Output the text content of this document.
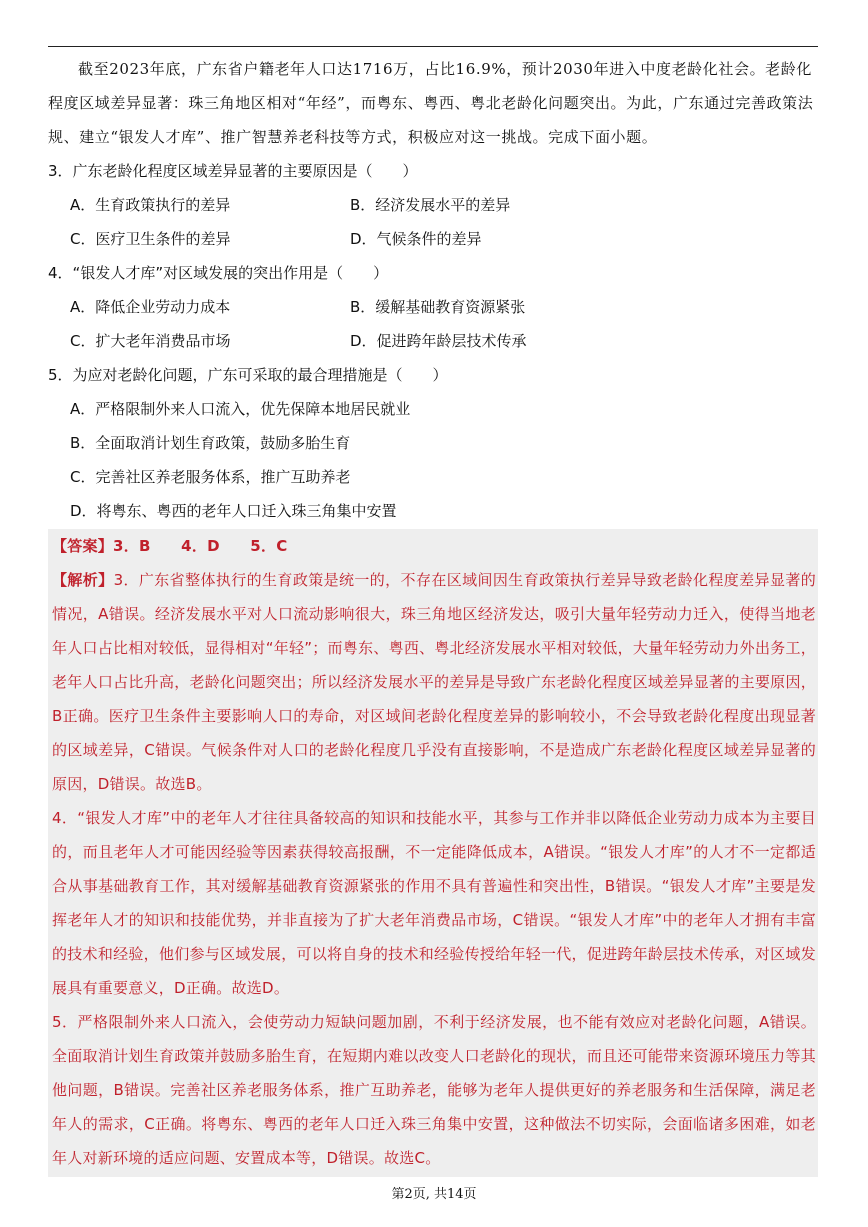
截至2023年底，广东省户籍老年人口达1716万，占比16.9%，预计2030年进入中度老龄化社会。老龄化程度区域差异显著：珠三角地区相对“年经”，而粤东、粤西、粤北老龄化问题突出。为此，广东通过完善政策法规、建立“银发人才库”、推广智慧养老科技等方式，积极应对这一挑战。完成下面小题。

3．广东老龄化程度区域差异显著的主要原因是（　　）

A．生育政策执行的差异	B．经济发展水平的差异
C．医疗卫生条件的差异	D．气候条件的差异

4．“银发人才库”对区域发展的突出作用是（　　）

A．降低企业劳动力成本	B．缓解基础教育资源紧张
C．扩大老年消费品市场	D．促进跨年龄层技术传承

5．为应对老龄化问题，广东可采取的最合理措施是（　　）

A．严格限制外来人口流入，优先保障本地居民就业
B．全面取消计划生育政策，鼓励多胎生育
C．完善社区养老服务体系，推广互助养老
D．将粤东、粤西的老年人口迁入珠三角集中安置

【答案】3．B　　4．D　　5．C

【解析】3．广东省整体执行的生育政策是统一的，不存在区域间因生育政策执行差异导致老龄化程度差异显著的情况，A错误。经济发展水平对人口流动影响很大，珠三角地区经济发达，吸引大量年轻劳动力迁入，使得当地老年人口占比相对较低，显得相对“年轻”；而粤东、粤西、粤北经济发展水平相对较低，大量年轻劳动力外出务工，老年人口占比升高，老龄化问题突出；所以经济发展水平的差异是导致广东老龄化程度区域差异显著的主要原因，B正确。医疗卫生条件主要影响人口的寿命，对区域间老龄化程度差异的影响较小，不会导致老龄化程度出现显著的区域差异，C错误。气候条件对人口的老龄化程度几乎没有直接影响，不是造成广东老龄化程度区域差异显著的原因，D错误。故选B。

4．“银发人才库”中的老年人才往往具备较高的知识和技能水平，其参与工作并非以降低企业劳动力成本为主要目的，而且老年人才可能因经验等因素获得较高报酬，不一定能降低成本，A错误。“银发人才库”的人才不一定都适合从事基础教育工作，其对缓解基础教育资源紧张的作用不具有普遍性和突出性，B错误。“银发人才库”主要是发挥老年人才的知识和技能优势，并非直接为了扩大老年消费品市场，C错误。“银发人才库”中的老年人才拥有丰富的技术和经验，他们参与区域发展，可以将自身的技术和经验传授给年轻一代，促进跨年龄层技术传承，对区域发展具有重要意义，D正确。故选D。

5．严格限制外来人口流入，会使劳动力短缺问题加剧，不利于经济发展，也不能有效应对老龄化问题，A错误。全面取消计划生育政策并鼓励多胎生育，在短期内难以改变人口老龄化的现状，而且还可能带来资源环境压力等其他问题，B错误。完善社区养老服务体系，推广互助养老，能够为老年人提供更好的养老服务和生活保障，满足老年人的需求，C正确。将粤东、粤西的老年人口迁入珠三角集中安置，这种做法不切实际，会面临诸多困难，如老年人对新环境的适应问题、安置成本等，D错误。故选C。

第2页, 共14页
